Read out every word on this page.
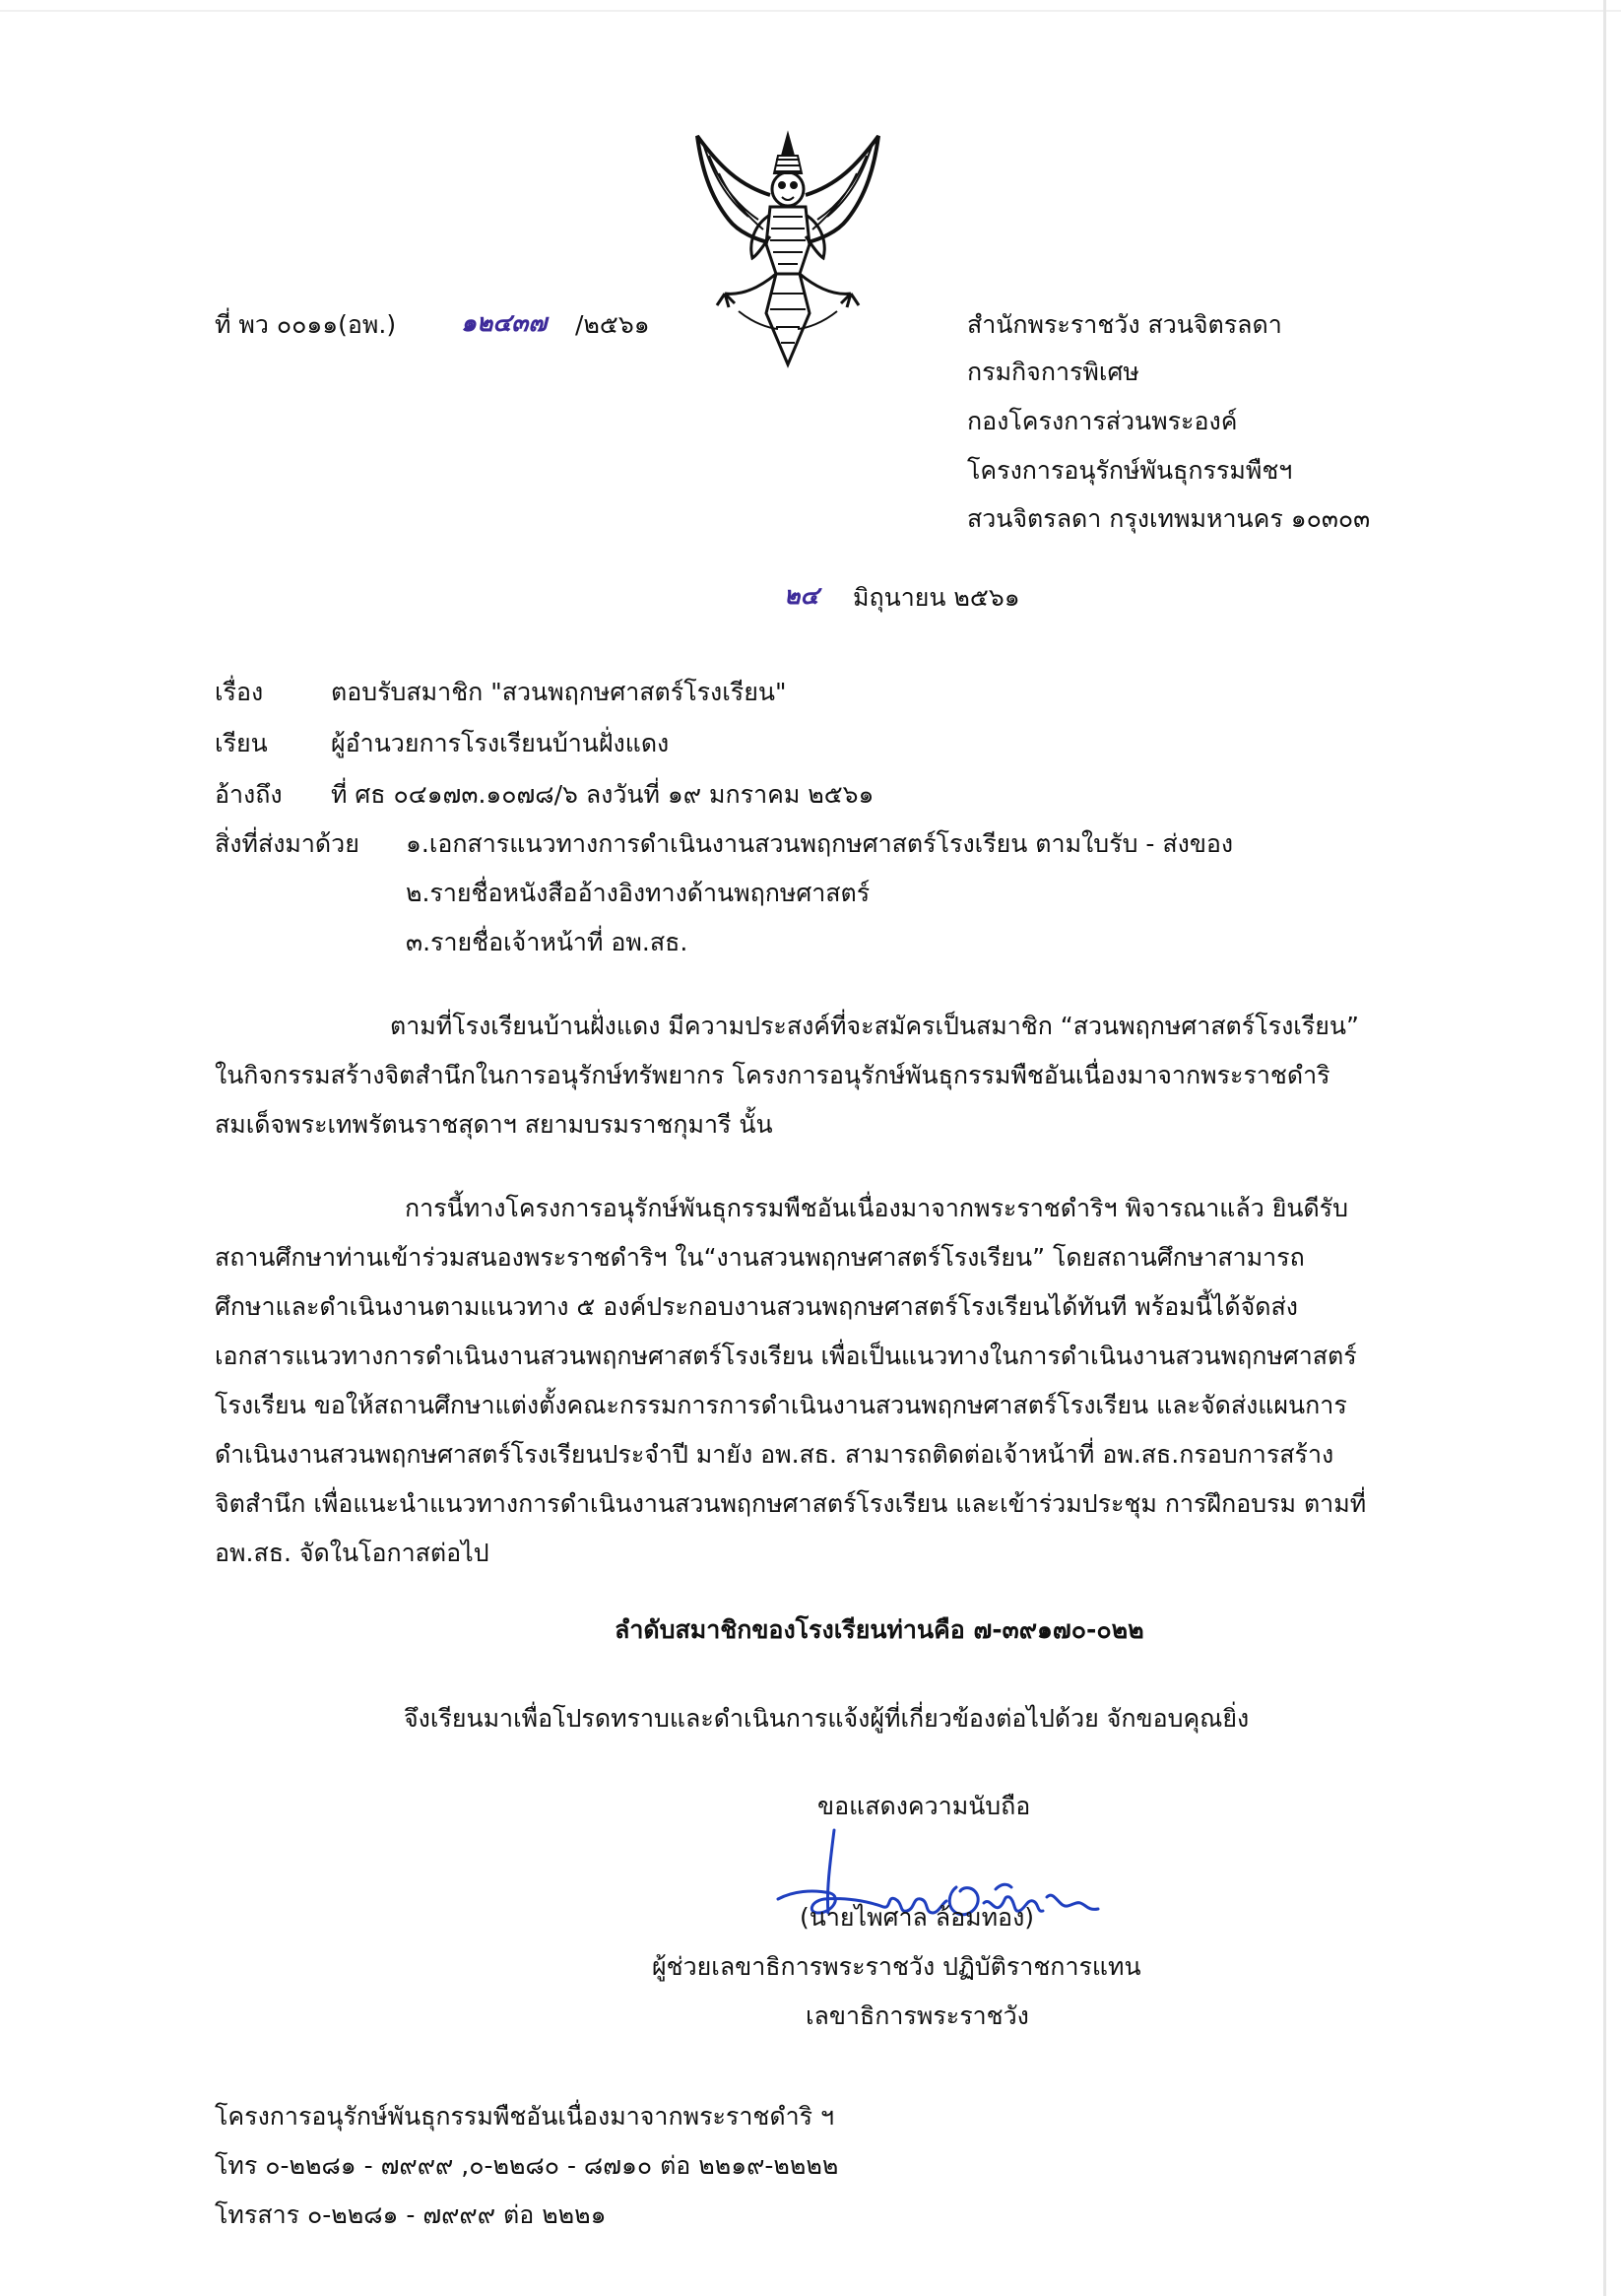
ที่ พว ๐๐๑๑(อพ.)	๑๒๔๓๗ /๒๕๖๑	สำนักพระราชวัง สวนจิตรลดา
กรมกิจการพิเศษ
กองโครงการส่วนพระองค์
โครงการอนุรักษ์พันธุกรรมพืชฯ
สวนจิตรลดา กรุงเทพมหานคร ๑๐๓๐๓
๒๔ มิถุนายน ๒๕๖๑
เรื่อง	ตอบรับสมาชิก "สวนพฤกษศาสตร์โรงเรียน"
เรียน	ผู้อำนวยการโรงเรียนบ้านฝั่งแดง
อ้างถึง ที่ ศธ ๐๔๑๗๓.๑๐๗๘/๖ ลงวันที่ ๑๙ มกราคม ๒๕๖๑
สิ่งที่ส่งมาด้วย ๑.เอกสารแนวทางการดำเนินงานสวนพฤกษศาสตร์โรงเรียน ตามใบรับ - ส่งของ
๒.รายชื่อหนังสืออ้างอิงทางด้านพฤกษศาสตร์
๓.รายชื่อเจ้าหน้าที่ อพ.สธ.
ตามที่โรงเรียนบ้านฝั่งแดง มีความประสงค์ที่จะสมัครเป็นสมาชิก “สวนพฤกษศาสตร์โรงเรียน”
ในกิจกรรมสร้างจิตสำนึกในการอนุรักษ์ทรัพยากร โครงการอนุรักษ์พันธุกรรมพืชอันเนื่องมาจากพระราชดำริ
สมเด็จพระเทพรัตนราชสุดาฯ สยามบรมราชกุมารี นั้น
การนี้ทางโครงการอนุรักษ์พันธุกรรมพืชอันเนื่องมาจากพระราชดำริฯ พิจารณาแล้ว ยินดีรับ
สถานศึกษาท่านเข้าร่วมสนองพระราชดำริฯ ใน“งานสวนพฤกษศาสตร์โรงเรียน” โดยสถานศึกษาสามารถ
ศึกษาและดำเนินงานตามแนวทาง ๕ องค์ประกอบงานสวนพฤกษศาสตร์โรงเรียนได้ทันที พร้อมนี้ได้จัดส่ง
เอกสารแนวทางการดำเนินงานสวนพฤกษศาสตร์โรงเรียน เพื่อเป็นแนวทางในการดำเนินงานสวนพฤกษศาสตร์
โรงเรียน ขอให้สถานศึกษาแต่งตั้งคณะกรรมการการดำเนินงานสวนพฤกษศาสตร์โรงเรียน และจัดส่งแผนการ
ดำเนินงานสวนพฤกษศาสตร์โรงเรียนประจำปี มายัง อพ.สธ. สามารถติดต่อเจ้าหน้าที่ อพ.สธ.กรอบการสร้าง
จิตสำนึก เพื่อแนะนำแนวทางการดำเนินงานสวนพฤกษศาสตร์โรงเรียน และเข้าร่วมประชุม การฝึกอบรม ตามที่
อพ.สธ. จัดในโอกาสต่อไป
ลำดับสมาชิกของโรงเรียนท่านคือ ๗-๓๙๑๗๐-๐๒๒
จึงเรียนมาเพื่อโปรดทราบและดำเนินการแจ้งผู้ที่เกี่ยวข้องต่อไปด้วย จักขอบคุณยิ่ง
ขอแสดงความนับถือ
(นายไพศาล ล้อมทอง)
ผู้ช่วยเลขาธิการพระราชวัง ปฏิบัติราชการแทน
เลขาธิการพระราชวัง
โครงการอนุรักษ์พันธุกรรมพืชอันเนื่องมาจากพระราชดำริ ฯ
โทร ๐-๒๒๘๑ - ๗๙๙๙ ,๐-๒๒๘๐ - ๘๗๑๐ ต่อ ๒๒๑๙-๒๒๒๒
โทรสาร ๐-๒๒๘๑ - ๗๙๙๙ ต่อ ๒๒๒๑
